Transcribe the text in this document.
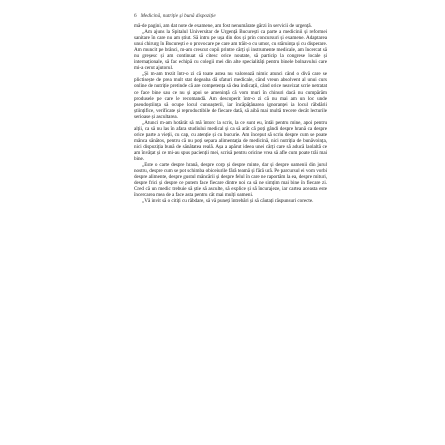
6 Medicină, nutriție și bună dispoziție

mă-de pagini, am dat note de examene, am fost nenumărate gărzi în servicii de urgență.

„Am ajuns la Spitalul Universitar de Urgență București ca parte a medicinii și reformei sanitare în care nu am știut. Să intru pe ușa din dos și prin concursuri și examene. Adaptarea unui chirurg în București e o provocare pe care am trăit-o cu umor, cu stăruința și cu disperare. Am muncit pe brânci, m-am crescut copii printre cărți și instrumente medicale, am încercat să nu greșesc și am continuat să citesc orice noutate, să particip la congrese locale și internaționale, să fac echipă cu colegii mei din alte specialități pentru binele bolnavului care mi-a cerut ajutorul.

„Și m-am trezit într-o zi că toate astea nu valorează nimic atunci când o divă care se plictisește de prea mult stat degeaba dă sfaturi medicale, când vreun absolvent al unui curs online de nutriție pretinde că are competența să dea indicații, când orice neavizat scrie netratat ce face bine sau ce nu și apoi se amenință că vom muri în chinuri dacă nu cumpărăm produsele pe care le recomandă. Am descoperit într-o zi că nu mai am un loc unde pseudoștiința să ocupe locul cunoașterii, iar încăpățânarea ignoranței ia locul răbdării științifice, verificate și reproductibile de fiecare dată, să aibă mai multă trecere decât lecturile serioase și ascultarea.

„Atunci m-am hotărât să mă întorc la scris, la ce sunt eu, întâi pentru mine, apoi pentru alții, ca să nu las în afara studiului medical și ca să arăt că poți gândi despre hrană ca despre orice parte a vieții, cu cap, cu atenție și cu bucurie. Am început să scriu despre cum se poate mânca sănătos, pentru că nu poți separa alimentația de medicină, nici nutriția de bunăvoința, nici dispoziția bună de sănătatea reală. Așa a apărut ideea unei cărți care să aducă laolaltă ce am învățat și ce mi-au spus pacienții mei, scrisă pentru oricine vrea să afle cum poate trăi mai bine.

„Este o carte despre hrană, despre corp și despre minte, dar și despre oamenii din jurul nostru, despre cum se pot schimba obiceiurile fără teamă și fără ură. Pe parcursul ei vom vorbi despre alimente, despre gustul mâncării și despre felul în care ne raportăm la ea, despre mituri, despre frici și despre ce putem face fiecare dintre noi ca să ne simțim mai bine în fiecare zi. Cred că un medic trebuie să știe să asculte, să explice și să încurajeze, iar cartea aceasta este încercarea mea de a face asta pentru cât mai mulți oameni.

„Vă invit să o citiți cu răbdare, să vă puneți întrebări și să căutați răspunsuri corecte.
